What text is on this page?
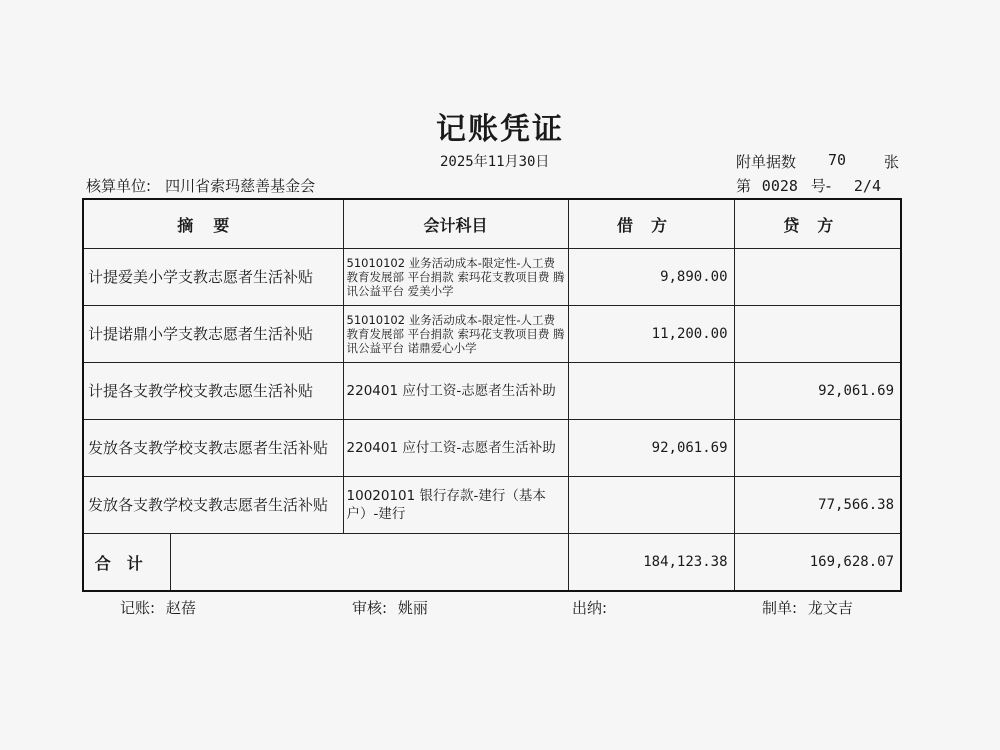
记账凭证
2025年11月30日
核算单位: 四川省索玛慈善基金会
附单据数 70	张
第 0028 号- 2/4
摘要		会计科目	借方	贷方
计提爱美小学支教志愿者生活补贴		51010102 业务活动成本-限定性-人工费 教育发展部 平台捐款 索玛花支教项目费 腾讯公益平台 爱美小学	9,890.00	
计提诺鼎小学支教志愿者生活补贴		51010102 业务活动成本-限定性-人工费 教育发展部 平台捐款 索玛花支教项目费 腾讯公益平台 诺鼎爱心小学	11,200.00	
计提各支教学校支教志愿生活补贴		220401 应付工资-志愿者生活补助		92,061.69
发放各支教学校支教志愿者生活补贴		220401 应付工资-志愿者生活补助	92,061.69	
发放各支教学校支教志愿者生活补贴		10020101 银行存款-建行（基本户）-建行		77,566.38
合计			184,123.38	169,628.07
记账: 赵蓓	审核: 姚丽	出纳:	制单: 龙文吉
